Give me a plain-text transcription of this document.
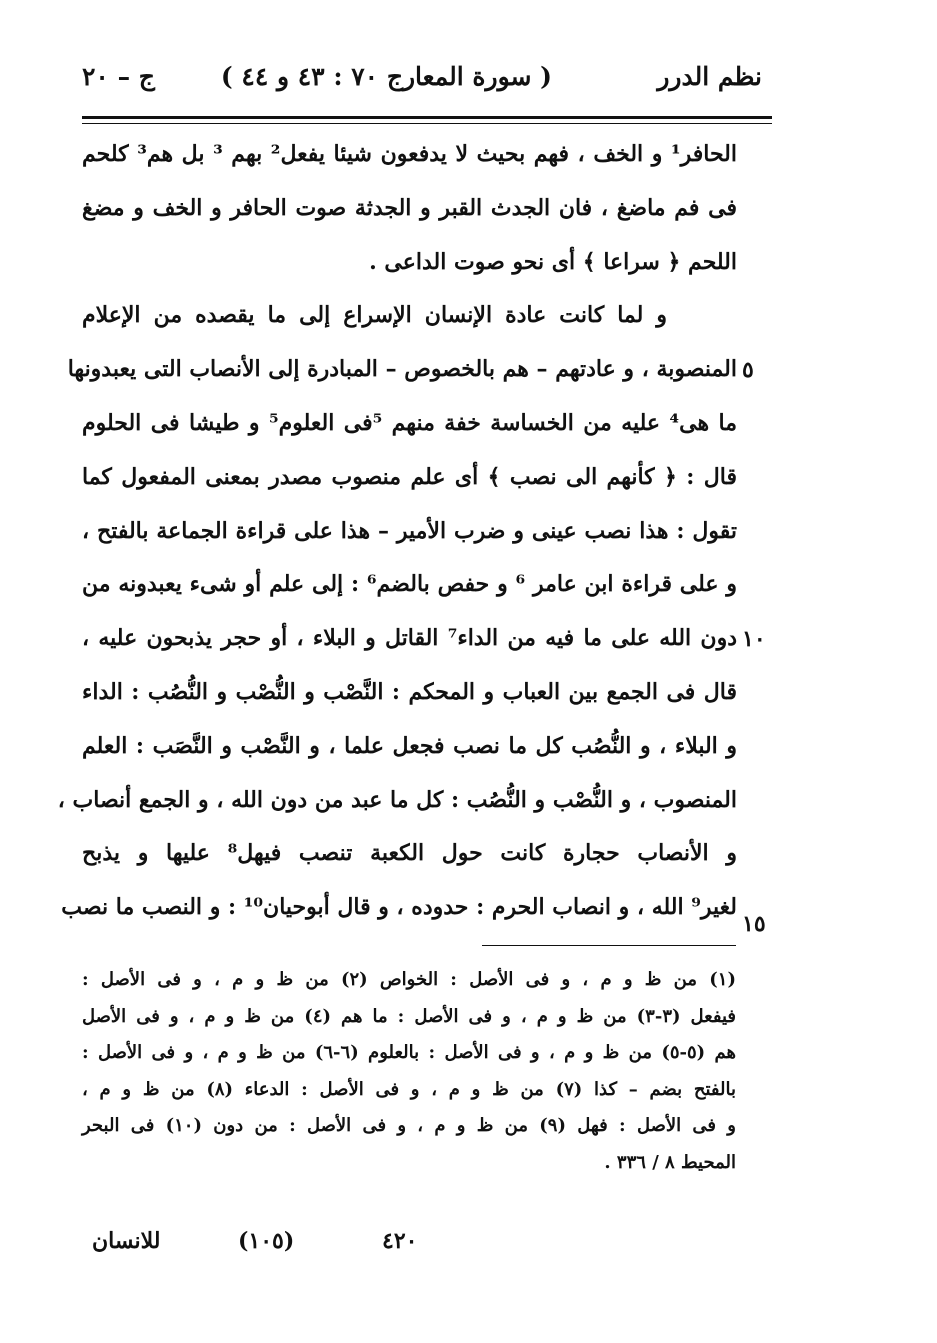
نظم الدرر
( سورة المعارج ٧٠ : ٤٣ و ٤٤ )
ج – ٢٠
الحافر¹ و الخف ، فهم بحيث لا يدفعون شيئا يفعل² بهم ³ بل هم³ كلحم
فى فم ماضغ ، فان الجدث القبر و الجدثة صوت الحافر و الخف و مضغ
اللحم ﴿ سراعا ﴾ أى نحو صوت الداعى .
و لما كانت عادة الإنسان الإسراع إلى ما يقصده من الإعلام
المنصوبة ، و عادتهم – هم بالخصوص – المبادرة إلى الأنصاب التى يعبدونها
ما هى⁴ عليه من الخساسة خفة منهم ⁵فى العلوم⁵ و طيشا فى الحلوم
قال : ﴿ كأنهم الى نصب ﴾ أى علم منصوب مصدر بمعنى المفعول كما
تقول : هذا نصب عينى و ضرب الأمير – هذا على قراءة الجماعة بالفتح ،
و على قراءة ابن عامر ⁶ و حفص بالضم⁶ : إلى علم أو شىء يعبدونه من
دون الله على ما فيه من الداء⁷ القاتل و البلاء ، أو حجر يذبحون عليه ،
قال فى الجمع بين العباب و المحكم : النَّصْب و النُّصْب و النُّصُب : الداء
و البلاء ، و النُّصُب كل ما نصب فجعل علما ، و النَّصْب و النَّصَب : العلم
المنصوب ، و النُّصْب و النُّصُب : كل ما عبد من دون الله ، و الجمع أنصاب ،
و الأنصاب حجارة كانت حول الكعبة تنصب فيهل⁸ عليها و يذبح
لغير⁹ الله ، و انصاب الحرم : حدوده ، و قال أبوحيان¹⁰ : و النصب ما نصب
٥
١٠
١٥
(١) من ظ و م ، و فى الأصل : الخواص (٢) من ظ و م ، و فى الأصل :
فيفعل (٣-٣) من ظ و م ، و فى الأصل : ما هم (٤) من ظ و م ، و فى الأصل
هم (٥-٥) من ظ و م ، و فى الأصل : بالعلوم (٦-٦) من ظ و م ، و فى الأصل :
بالفتح بضم – كذا (٧) من ظ و م ، و فى الأصل : الدعاء (٨) من ظ و م ،
و فى الأصل : فهل (٩) من ظ و م ، و فى الأصل : من دون (١٠) فى البحر
المحيط ٨ / ٣٣٦ .
٤٢٠
(١٠٥)
للانسان
